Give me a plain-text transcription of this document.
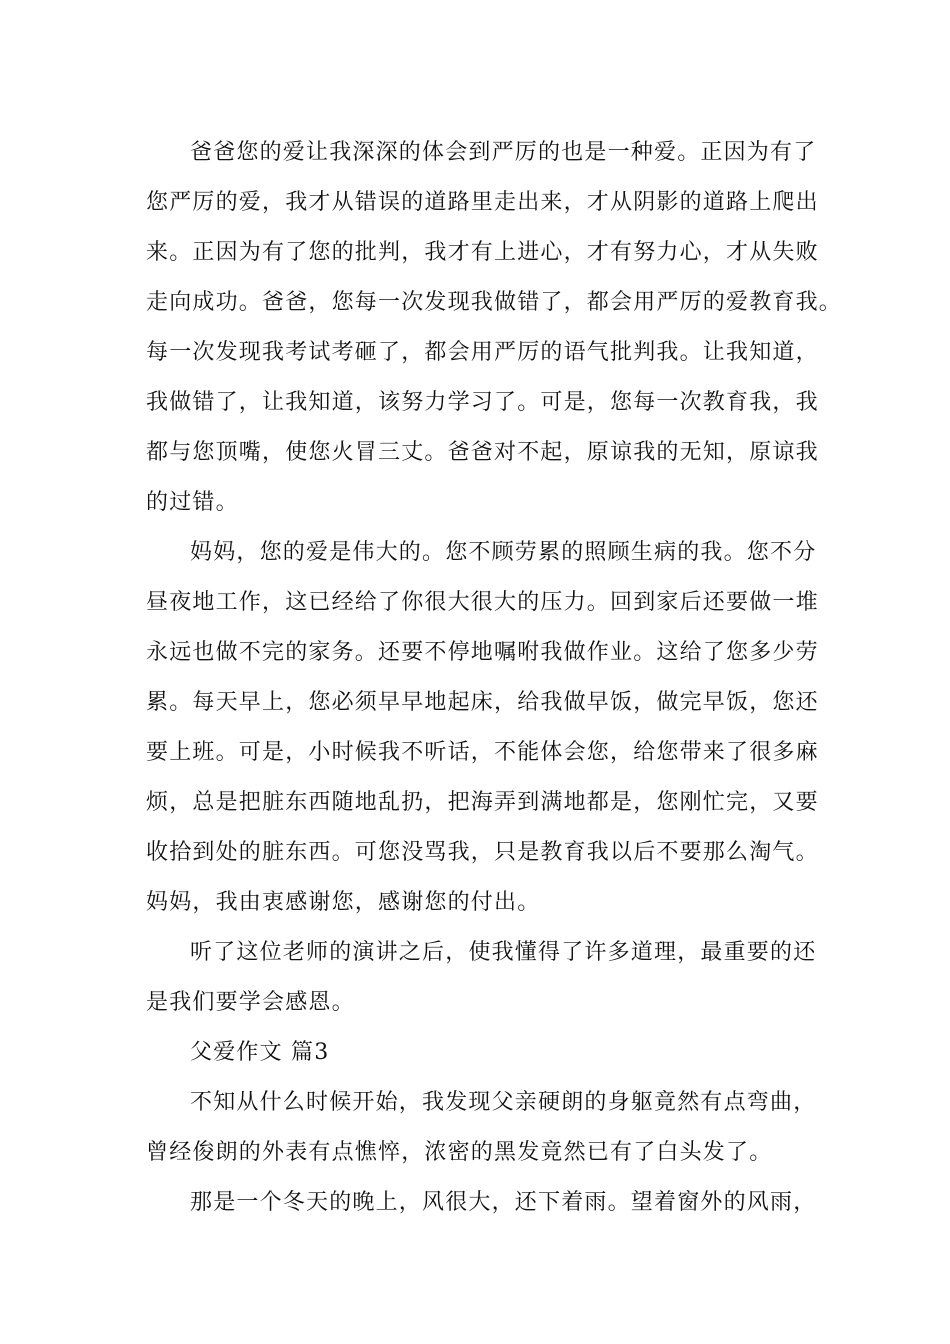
爸爸您的爱让我深深的体会到严厉的也是一种爱。正因为有了
您严厉的爱，我才从错误的道路里走出来，才从阴影的道路上爬出
来。正因为有了您的批判，我才有上进心，才有努力心，才从失败
走向成功。爸爸，您每一次发现我做错了，都会用严厉的爱教育我。
每一次发现我考试考砸了，都会用严厉的语气批判我。让我知道，
我做错了，让我知道，该努力学习了。可是，您每一次教育我，我
都与您顶嘴，使您火冒三丈。爸爸对不起，原谅我的无知，原谅我
的过错。
妈妈，您的爱是伟大的。您不顾劳累的照顾生病的我。您不分
昼夜地工作，这已经给了你很大很大的压力。回到家后还要做一堆
永远也做不完的家务。还要不停地嘱咐我做作业。这给了您多少劳
累。每天早上，您必须早早地起床，给我做早饭，做完早饭，您还
要上班。可是，小时候我不听话，不能体会您，给您带来了很多麻
烦，总是把脏东西随地乱扔，把海弄到满地都是，您刚忙完，又要
收拾到处的脏东西。可您没骂我，只是教育我以后不要那么淘气。
妈妈，我由衷感谢您，感谢您的付出。
听了这位老师的演讲之后，使我懂得了许多道理，最重要的还
是我们要学会感恩。
父爱作文 篇3
不知从什么时候开始，我发现父亲硬朗的身躯竟然有点弯曲，
曾经俊朗的外表有点憔悴，浓密的黑发竟然已有了白头发了。
那是一个冬天的晚上，风很大，还下着雨。望着窗外的风雨，
